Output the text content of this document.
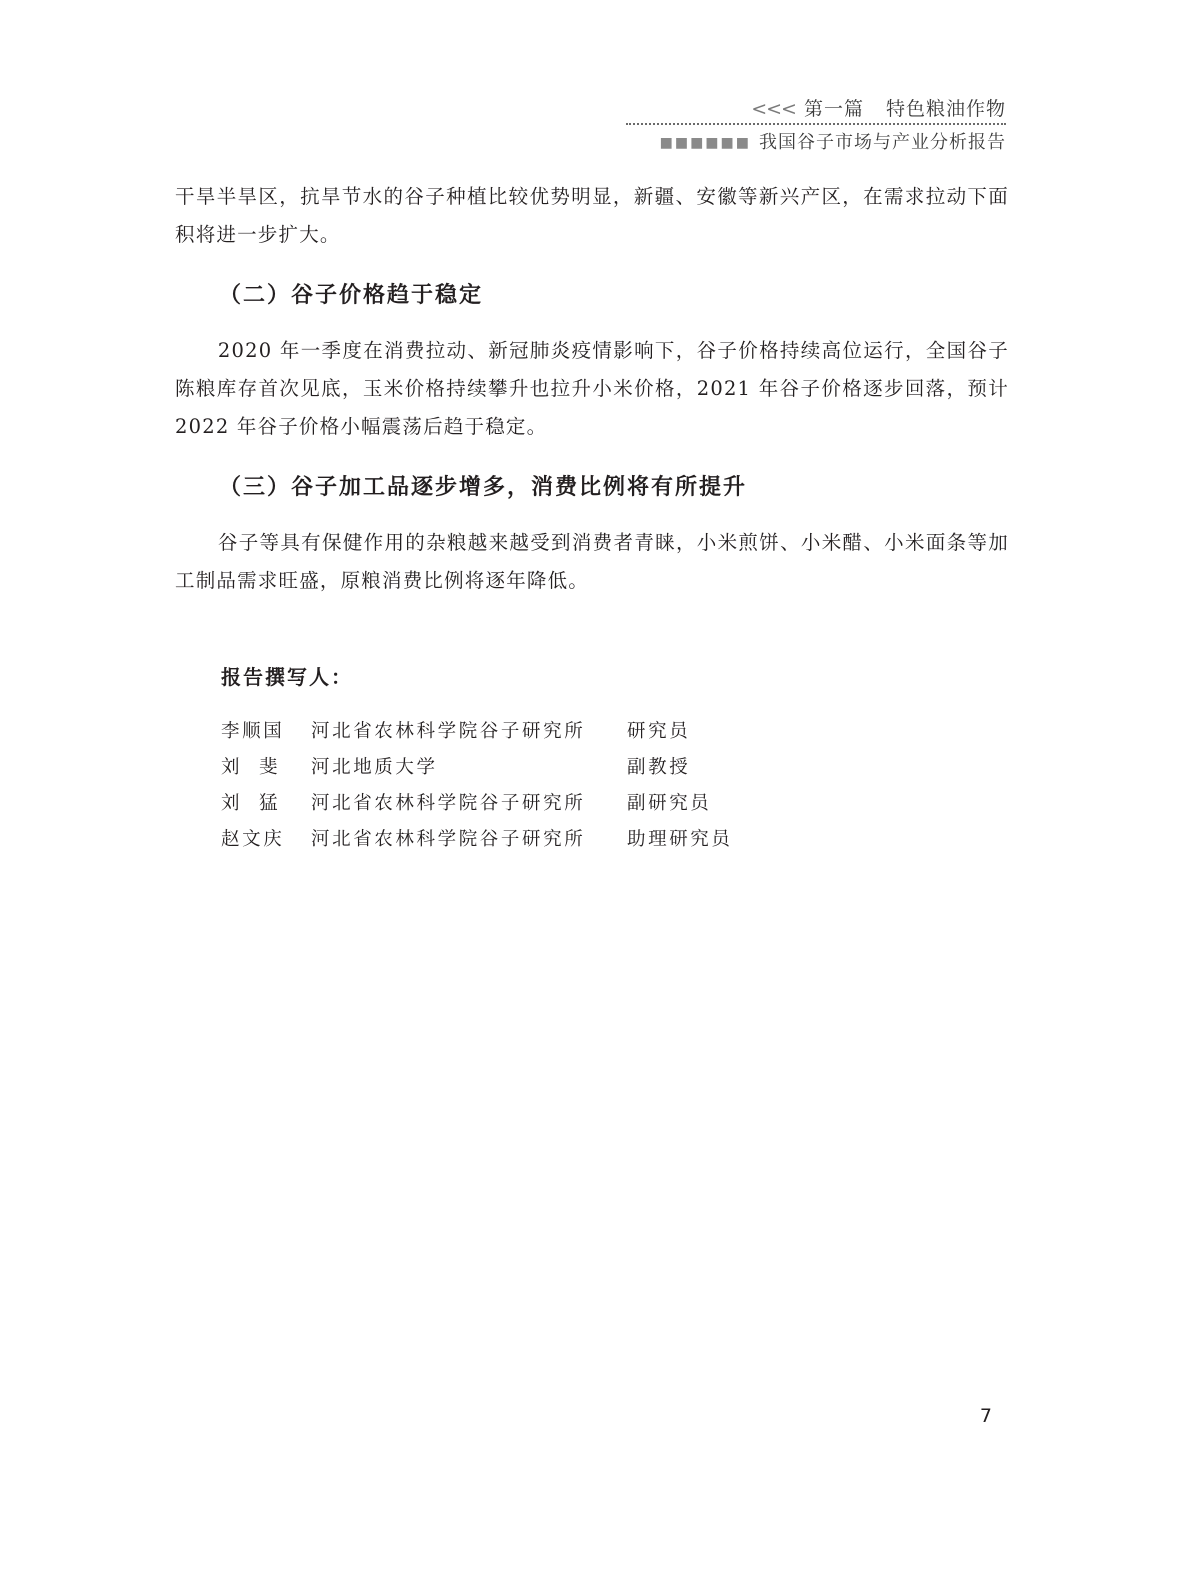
<<< 第一篇 特色粮油作物
■■■■■■ 我国谷子市场与产业分析报告

干旱半旱区，抗旱节水的谷子种植比较优势明显，新疆、安徽等新兴产区，在需求拉动下面积将进一步扩大。

（二）谷子价格趋于稳定

2020 年一季度在消费拉动、新冠肺炎疫情影响下，谷子价格持续高位运行，全国谷子陈粮库存首次见底，玉米价格持续攀升也拉升小米价格，2021 年谷子价格逐步回落，预计 2022 年谷子价格小幅震荡后趋于稳定。

（三）谷子加工品逐步增多，消费比例将有所提升

谷子等具有保健作用的杂粮越来越受到消费者青睐，小米煎饼、小米醋、小米面条等加工制品需求旺盛，原粮消费比例将逐年降低。

报告撰写人：
李顺国	河北省农林科学院谷子研究所	研究员
刘  斐	河北地质大学	副教授
刘  猛	河北省农林科学院谷子研究所	副研究员
赵文庆	河北省农林科学院谷子研究所	助理研究员
7
